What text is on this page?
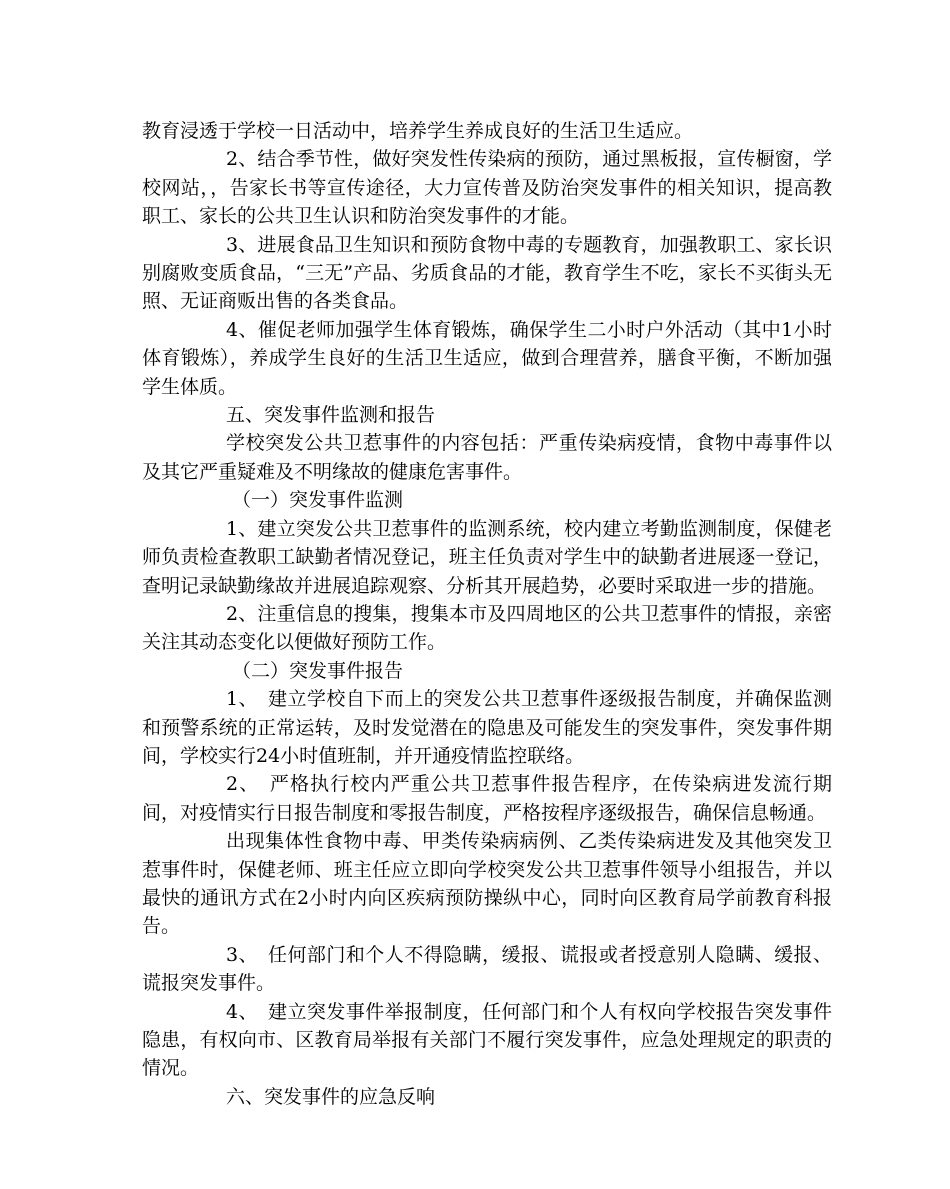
教育浸透于学校一日活动中，培养学生养成良好的生活卫生适应。

2、结合季节性，做好突发性传染病的预防，通过黑板报，宣传橱窗，学校网站，，告家长书等宣传途径，大力宣传普及防治突发事件的相关知识，提高教职工、家长的公共卫生认识和防治突发事件的才能。

3、进展食品卫生知识和预防食物中毒的专题教育，加强教职工、家长识别腐败变质食品，“三无”产品、劣质食品的才能，教育学生不吃，家长不买街头无照、无证商贩出售的各类食品。

4、催促老师加强学生体育锻炼，确保学生二小时户外活动（其中1小时体育锻炼），养成学生良好的生活卫生适应，做到合理营养，膳食平衡，不断加强学生体质。

五、突发事件监测和报告

学校突发公共卫惹事件的内容包括：严重传染病疫情，食物中毒事件以及其它严重疑难及不明缘故的健康危害事件。

（一）突发事件监测

1、建立突发公共卫惹事件的监测系统，校内建立考勤监测制度，保健老师负责检查教职工缺勤者情况登记，班主任负责对学生中的缺勤者进展逐一登记，查明记录缺勤缘故并进展追踪观察、分析其开展趋势，必要时采取进一步的措施。

2、注重信息的搜集，搜集本市及四周地区的公共卫惹事件的情报，亲密关注其动态变化以便做好预防工作。

（二）突发事件报告

1、　建立学校自下而上的突发公共卫惹事件逐级报告制度，并确保监测和预警系统的正常运转，及时发觉潜在的隐患及可能发生的突发事件，突发事件期间，学校实行24小时值班制，并开通疫情监控联络。

2、　严格执行校内严重公共卫惹事件报告程序，在传染病进发流行期间，对疫情实行日报告制度和零报告制度，严格按程序逐级报告，确保信息畅通。

出现集体性食物中毒、甲类传染病病例、乙类传染病进发及其他突发卫惹事件时，保健老师、班主任应立即向学校突发公共卫惹事件领导小组报告，并以最快的通讯方式在2小时内向区疾病预防操纵中心，同时向区教育局学前教育科报告。

3、　任何部门和个人不得隐瞒，缓报、谎报或者授意别人隐瞒、缓报、谎报突发事件。

4、　建立突发事件举报制度，任何部门和个人有权向学校报告突发事件隐患，有权向市、区教育局举报有关部门不履行突发事件，应急处理规定的职责的情况。

六、突发事件的应急反响
